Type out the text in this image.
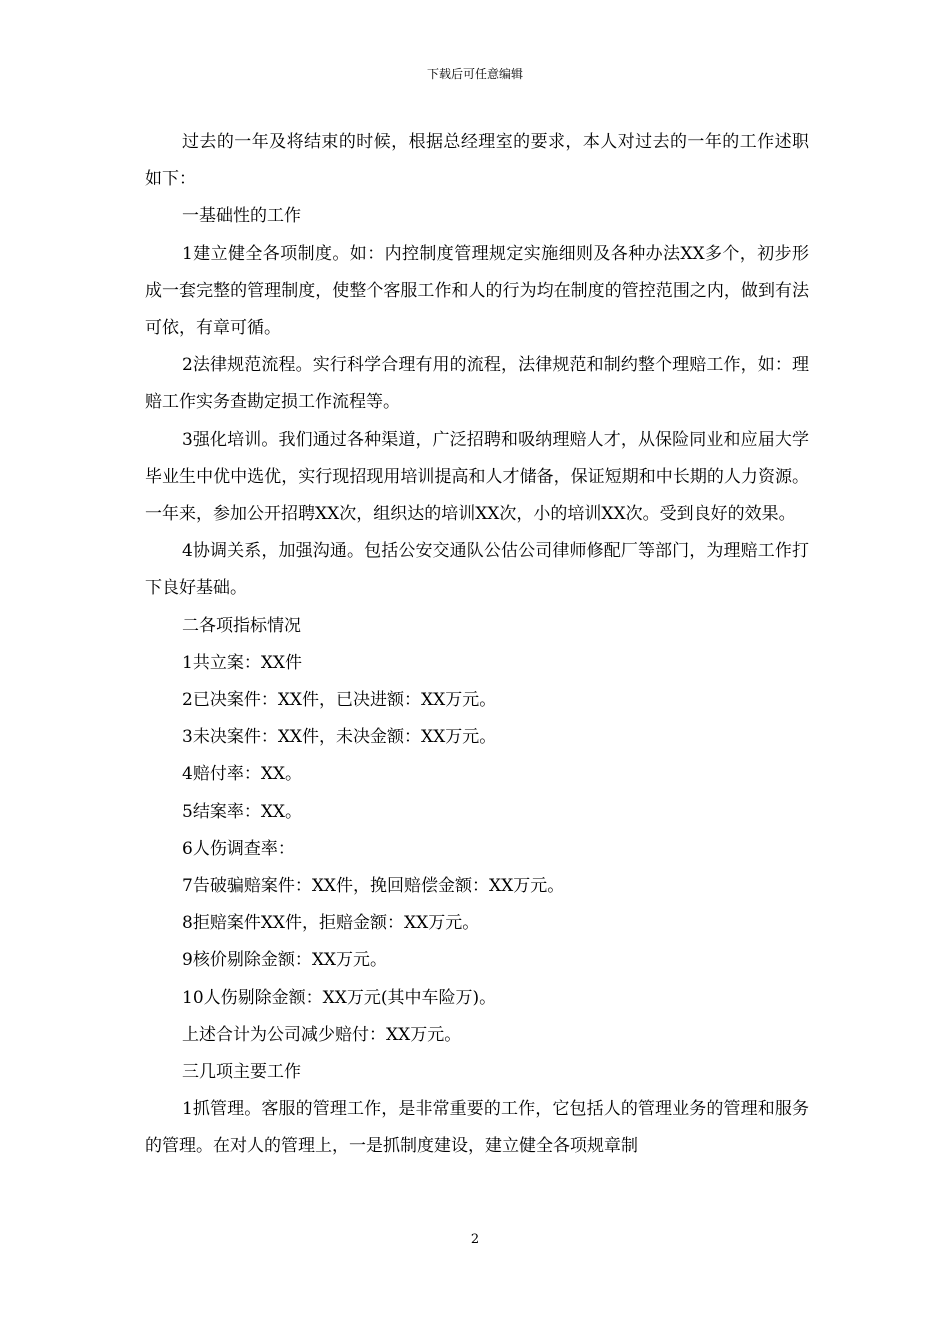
下载后可任意编辑

过去的一年及将结束的时候，根据总经理室的要求，本人对过去的一年的工作述职如下：

一基础性的工作

1建立健全各项制度。如：内控制度管理规定实施细则及各种办法XX多个，初步形成一套完整的管理制度，使整个客服工作和人的行为均在制度的管控范围之内，做到有法可依，有章可循。

2法律规范流程。实行科学合理有用的流程，法律规范和制约整个理赔工作，如：理赔工作实务查勘定损工作流程等。

3强化培训。我们通过各种渠道，广泛招聘和吸纳理赔人才，从保险同业和应届大学毕业生中优中选优，实行现招现用培训提高和人才储备，保证短期和中长期的人力资源。一年来，参加公开招聘XX次，组织达的培训XX次，小的培训XX次。受到良好的效果。

4协调关系，加强沟通。包括公安交通队公估公司律师修配厂等部门，为理赔工作打下良好基础。

二各项指标情况

1共立案：XX件

2已决案件：XX件，已决进额：XX万元。

3未决案件：XX件，未决金额：XX万元。

4赔付率：XX。

5结案率：XX。

6人伤调查率：

7告破骗赔案件：XX件，挽回赔偿金额：XX万元。

8拒赔案件XX件，拒赔金额：XX万元。

9核价剔除金额：XX万元。

10人伤剔除金额：XX万元(其中车险万)。

上述合计为公司减少赔付：XX万元。

三几项主要工作

1抓管理。客服的管理工作，是非常重要的工作，它包括人的管理业务的管理和服务的管理。在对人的管理上，一是抓制度建设，建立健全各项规章制

2
